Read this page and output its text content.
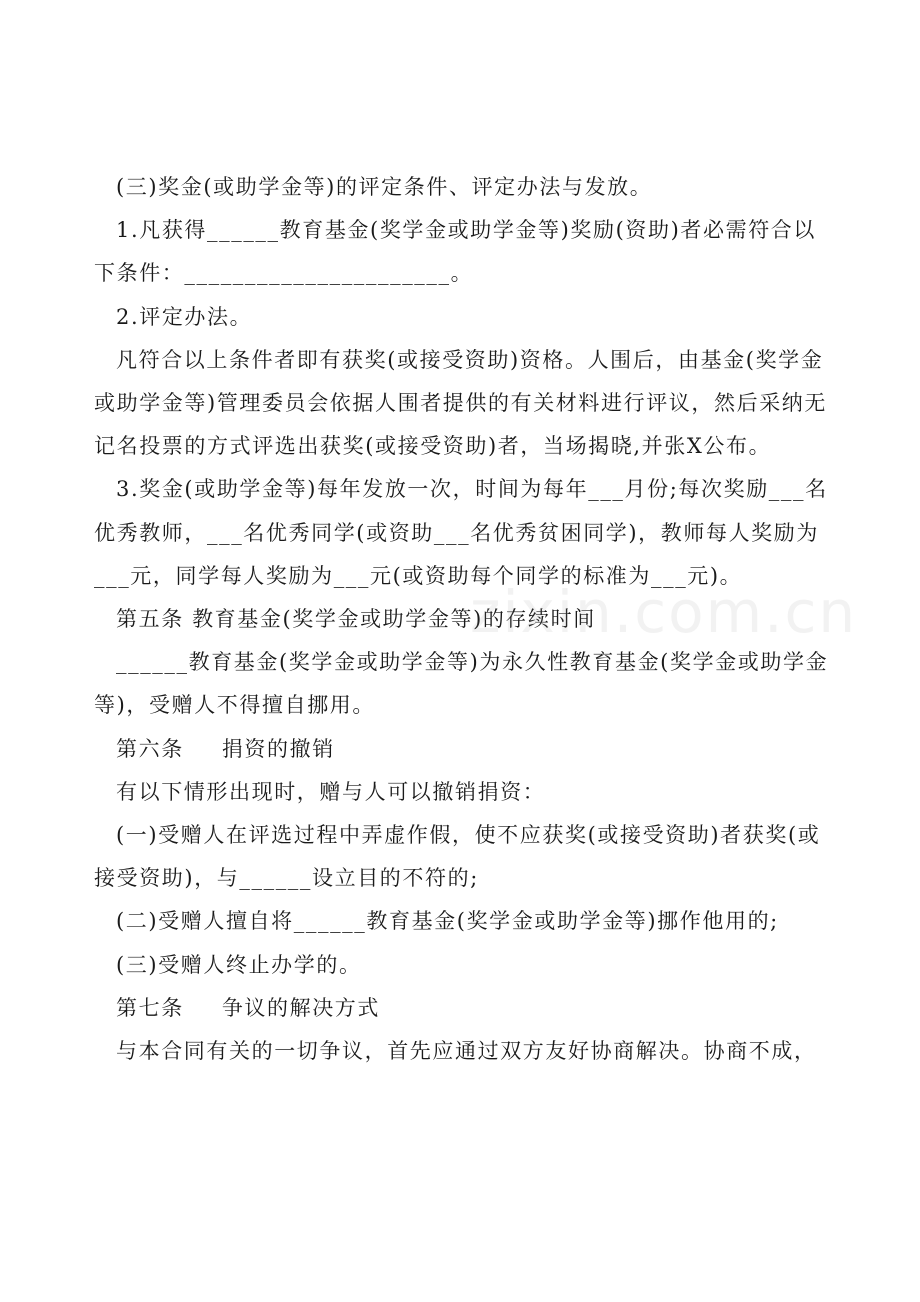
(三)奖金(或助学金等)的评定条件、评定办法与发放。

1.凡获得______教育基金(奖学金或助学金等)奖励(资助)者必需符合以下条件：______________________。

2.评定办法。

凡符合以上条件者即有获奖(或接受资助)资格。人围后，由基金(奖学金或助学金等)管理委员会依据人围者提供的有关材料进行评议，然后采纳无记名投票的方式评选出获奖(或接受资助)者，当场揭晓,并张X公布。

3.奖金(或助学金等)每年发放一次，时间为每年___月份;每次奖励___名优秀教师，___名优秀同学(或资助___名优秀贫困同学)，教师每人奖励为___元，同学每人奖励为___元(或资助每个同学的标准为___元)。

第五条 教育基金(奖学金或助学金等)的存续时间

______教育基金(奖学金或助学金等)为永久性教育基金(奖学金或助学金等)，受赠人不得擅自挪用。

第六条 捐资的撤销

有以下情形出现时，赠与人可以撤销捐资：

(一)受赠人在评选过程中弄虚作假，使不应获奖(或接受资助)者获奖(或接受资助)，与______设立目的不符的;

(二)受赠人擅自将______教育基金(奖学金或助学金等)挪作他用的;

(三)受赠人终止办学的。

第七条 争议的解决方式

与本合同有关的一切争议，首先应通过双方友好协商解决。协商不成，

zixin.com.cn
